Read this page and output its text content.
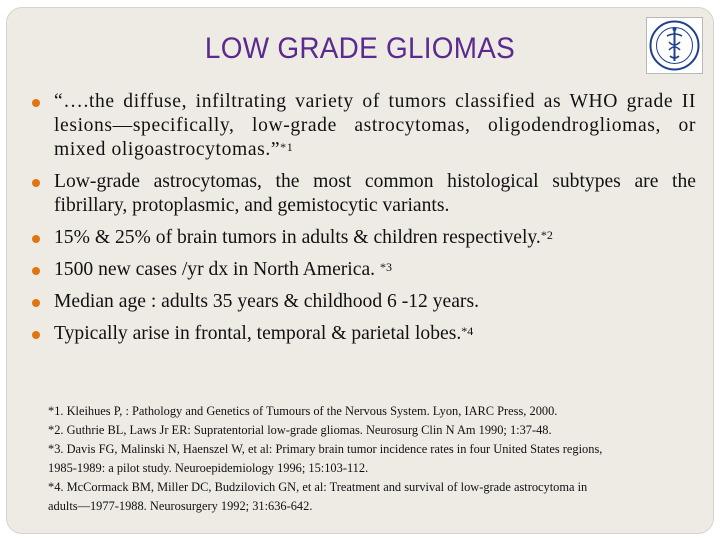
LOW GRADE GLIOMAS
“….the diffuse, infiltrating variety of tumors classified as WHO grade II lesions—specifically, low-grade astrocytomas, oligodendrogliomas, or mixed oligoastrocytomas.”$^{*1}$
Low-grade astrocytomas, the most common histological subtypes are the fibrillary, protoplasmic, and gemistocytic variants.
15% & 25% of brain tumors in adults & children respectively.$^{*2}$
1500 new cases /yr dx in North America. $^{*3}$
Median age : adults 35 years & childhood 6 -12 years.
Typically arise in frontal, temporal & parietal lobes.$^{*4}$
*1. Kleihues P, : Pathology and Genetics of Tumours of the Nervous System. Lyon, IARC Press, 2000.
*2. Guthrie BL, Laws Jr ER: Supratentorial low-grade gliomas. Neurosurg Clin N Am 1990; 1:37-48.
*3. Davis FG, Malinski N, Haenszel W, et al: Primary brain tumor incidence rates in four United States regions,
1985-1989: a pilot study. Neuroepidemiology 1996; 15:103-112.
*4. McCormack BM, Miller DC, Budzilovich GN, et al: Treatment and survival of low-grade astrocytoma in
adults—1977-1988. Neurosurgery 1992; 31:636-642.
